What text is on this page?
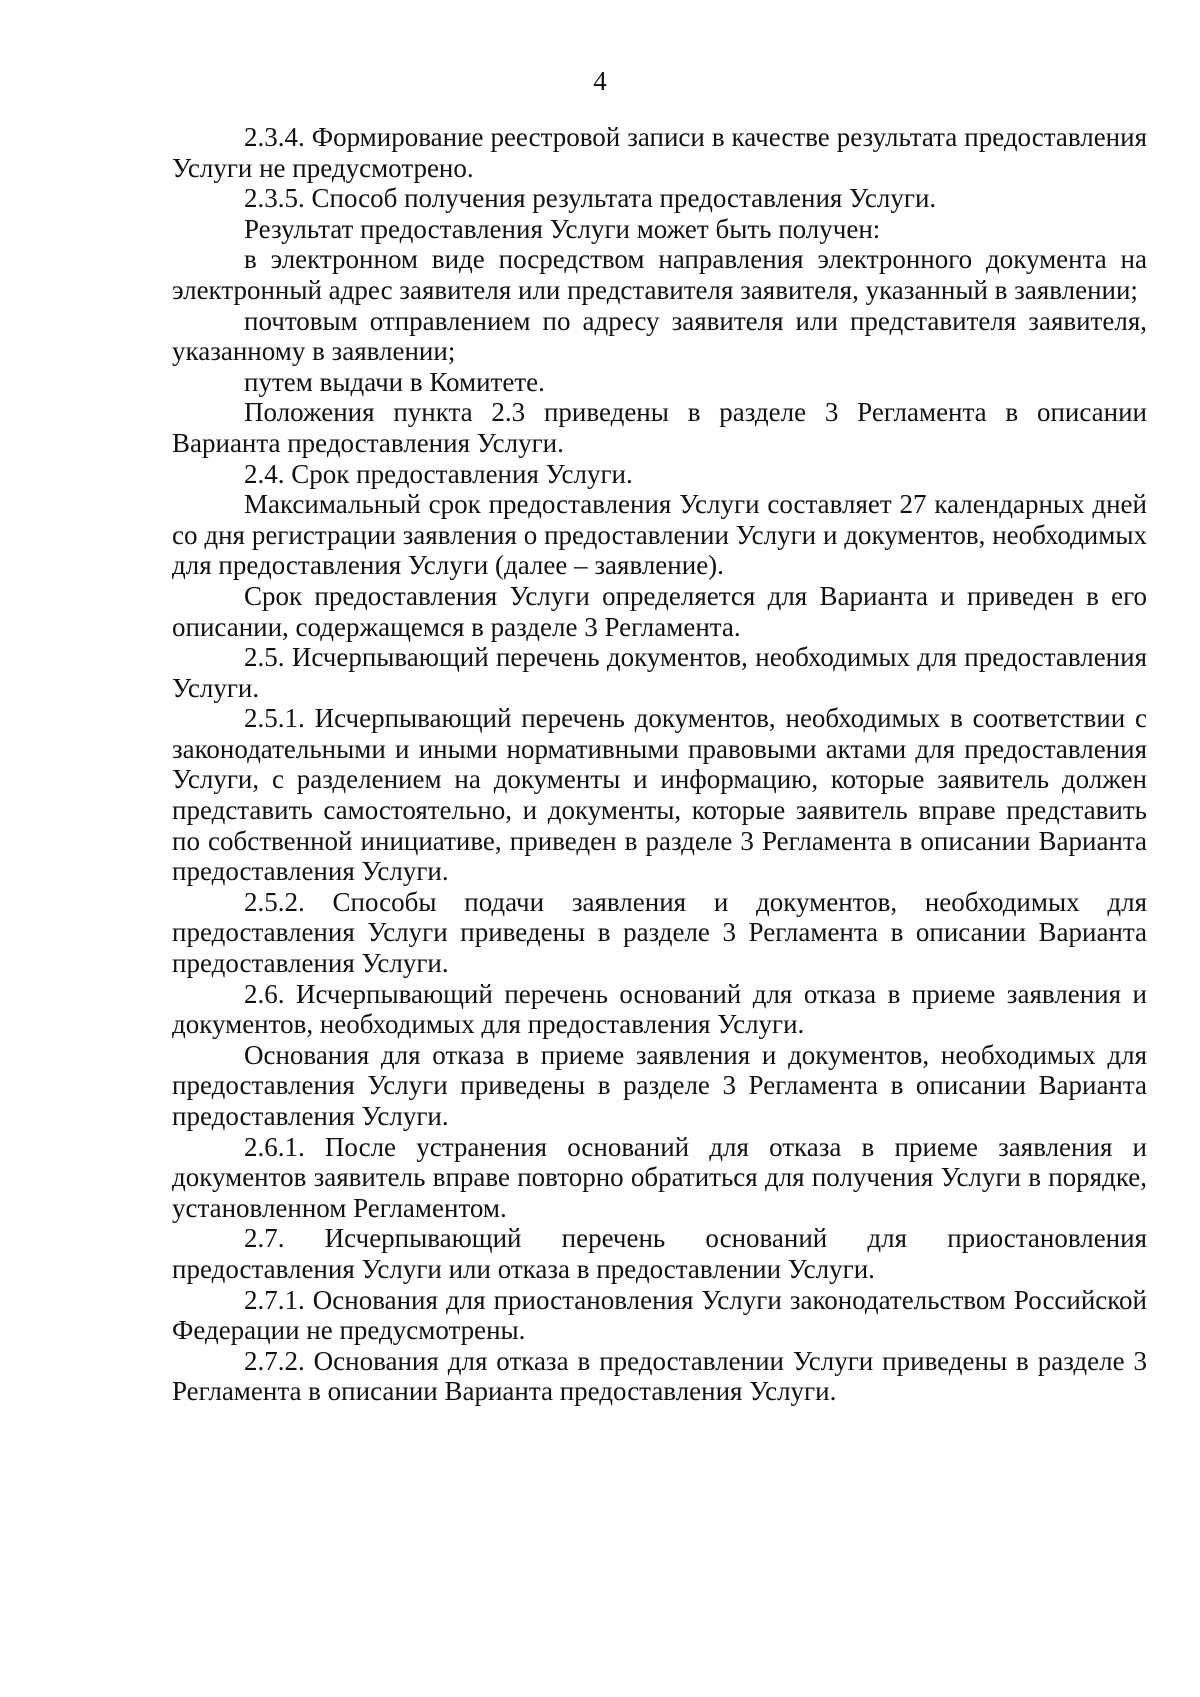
4

2.3.4. Формирование реестровой записи в качестве результата предоставления Услуги не предусмотрено.

2.3.5. Способ получения результата предоставления Услуги.

Результат предоставления Услуги может быть получен:

в электронном виде посредством направления электронного документа на электронный адрес заявителя или представителя заявителя, указанный в заявлении;

почтовым отправлением по адресу заявителя или представителя заявителя, указанному в заявлении;

путем выдачи в Комитете.

Положения пункта 2.3 приведены в разделе 3 Регламента в описании Варианта предоставления Услуги.

2.4. Срок предоставления Услуги.

Максимальный срок предоставления Услуги составляет 27 календарных дней со дня регистрации заявления о предоставлении Услуги и документов, необходимых для предоставления Услуги (далее – заявление).

Срок предоставления Услуги определяется для Варианта и приведен в его описании, содержащемся в разделе 3 Регламента.

2.5. Исчерпывающий перечень документов, необходимых для предоставления Услуги.

2.5.1. Исчерпывающий перечень документов, необходимых в соответствии с законодательными и иными нормативными правовыми актами для предоставления Услуги, с разделением на документы и информацию, которые заявитель должен представить самостоятельно, и документы, которые заявитель вправе представить по собственной инициативе, приведен в разделе 3 Регламента в описании Варианта предоставления Услуги.

2.5.2. Способы подачи заявления и документов, необходимых для предоставления Услуги приведены в разделе 3 Регламента в описании Варианта предоставления Услуги.

2.6. Исчерпывающий перечень оснований для отказа в приеме заявления и документов, необходимых для предоставления Услуги.

Основания для отказа в приеме заявления и документов, необходимых для предоставления Услуги приведены в разделе 3 Регламента в описании Варианта предоставления Услуги.

2.6.1. После устранения оснований для отказа в приеме заявления и документов заявитель вправе повторно обратиться для получения Услуги в порядке, установленном Регламентом.

2.7. Исчерпывающий перечень оснований для приостановления предоставления Услуги или отказа в предоставлении Услуги.

2.7.1. Основания для приостановления Услуги законодательством Российской Федерации не предусмотрены.

2.7.2. Основания для отказа в предоставлении Услуги приведены в разделе 3 Регламента в описании Варианта предоставления Услуги.
